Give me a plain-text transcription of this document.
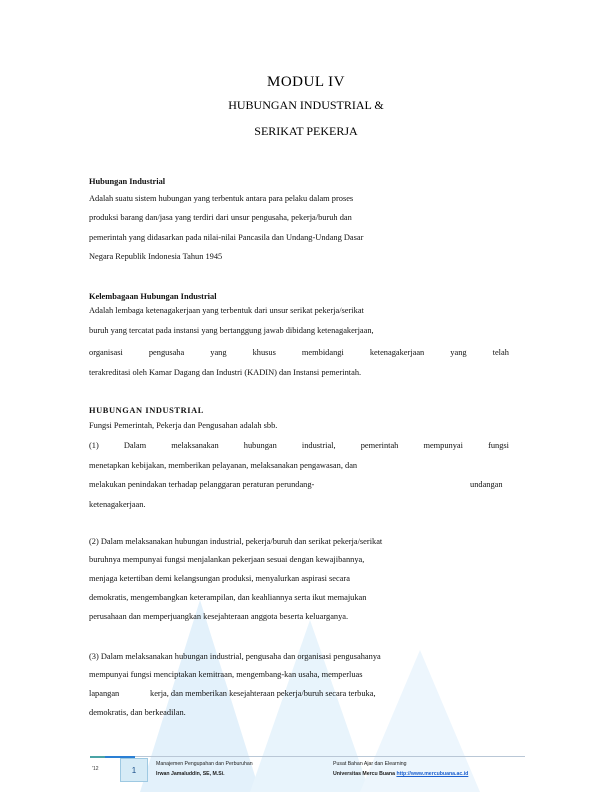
MODUL IV
HUBUNGAN INDUSTRIAL &
SERIKAT PEKERJA
Hubungan Industrial
Adalah suatu sistem hubungan yang terbentuk antara para pelaku dalam proses
produksi barang dan/jasa yang terdiri dari unsur pengusaha, pekerja/buruh dan
pemerintah yang didasarkan pada nilai-nilai Pancasila dan Undang-Undang Dasar
Negara Republik Indonesia Tahun 1945
Kelembagaan Hubungan Industrial
Adalah lembaga ketenagakerjaan yang terbentuk dari unsur serikat pekerja/serikat
buruh yang tercatat pada instansi yang bertanggung jawab dibidang ketenagakerjaan,
organisasi	pengusaha	yang	khusus	membidangi	ketenagakerjaan	yang	telah
terakreditasi oleh Kamar Dagang dan Industri (KADIN) dan Instansi pemerintah.
HUBUNGAN INDUSTRIAL
Fungsi Pemerintah, Pekerja dan Pengusahan adalah sbb.
(1)	Dalam	melaksanakan	hubungan	industrial,	pemerintah	mempunyai	fungsi
menetapkan kebijakan, memberikan pelayanan, melaksanakan pengawasan, dan
melakukan penindakan terhadap pelanggaran peraturan perundang-	undangan
ketenagakerjaan.
(2) Dalam melaksanakan hubungan industrial, pekerja/buruh dan serikat pekerja/serikat
buruhnya mempunyai fungsi menjalankan pekerjaan sesuai dengan kewajibannya,
menjaga ketertiban demi kelangsungan produksi, menyalurkan aspirasi secara
demokratis, mengembangkan keterampilan, dan keahliannya serta ikut memajukan
perusahaan dan memperjuangkan kesejahteraan anggota beserta keluarganya.
(3) Dalam melaksanakan hubungan industrial, pengusaha dan organisasi pengusahanya
mempunyai fungsi menciptakan kemitraan, mengembang-kan usaha, memperluas
lapangan	kerja, dan memberikan kesejahteraan pekerja/buruh secara terbuka,
demokratis, dan berkeadilan.
'12	1
Manajemen Pengupahan dan Perburuhan
Irwan Jamaluddin, SE, M.Si.
Pusat Bahan Ajar dan Elearning
Universitas Mercu Buana http://www.mercubuana.ac.id
